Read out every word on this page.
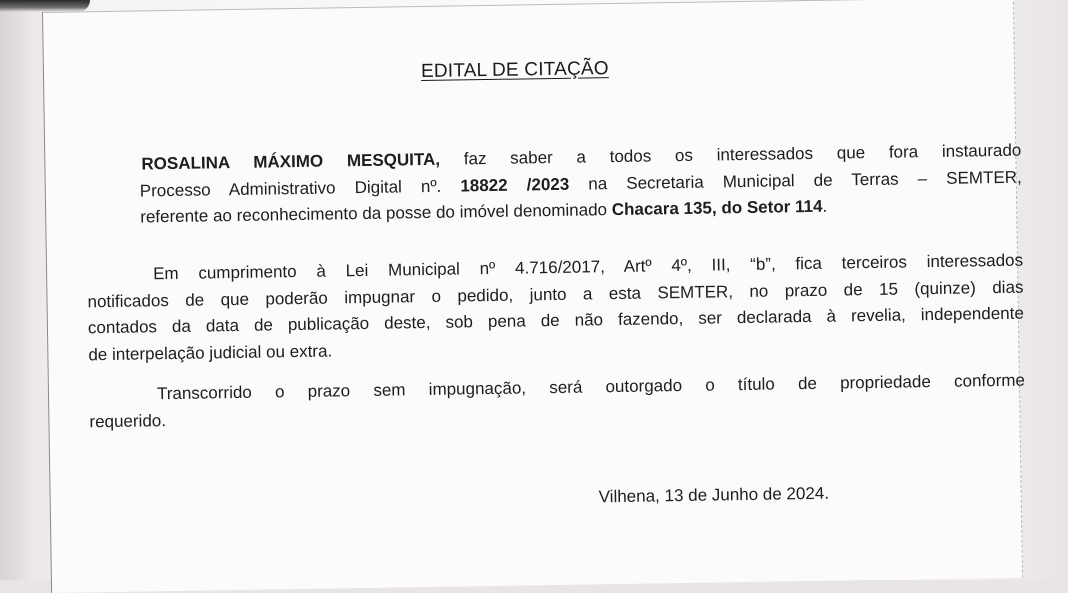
EDITAL DE CITAÇÃO
ROSALINA MÁXIMO MESQUITA, faz saber a todos os interessados que fora instaurado
Processo Administrativo Digital nº. 18822 /2023 na Secretaria Municipal de Terras – SEMTER,
referente ao reconhecimento da posse do imóvel denominado Chacara 135, do Setor 114.
Em cumprimento à Lei Municipal nº 4.716/2017, Artº 4º, III, “b”, fica terceiros interessados
notificados de que poderão impugnar o pedido, junto a esta SEMTER, no prazo de 15 (quinze) dias
contados da data de publicação deste, sob pena de não fazendo, ser declarada à revelia, independente
de interpelação judicial ou extra.
Transcorrido o prazo sem impugnação, será outorgado o título de propriedade conforme
requerido.
Vilhena, 13 de Junho de 2024.
